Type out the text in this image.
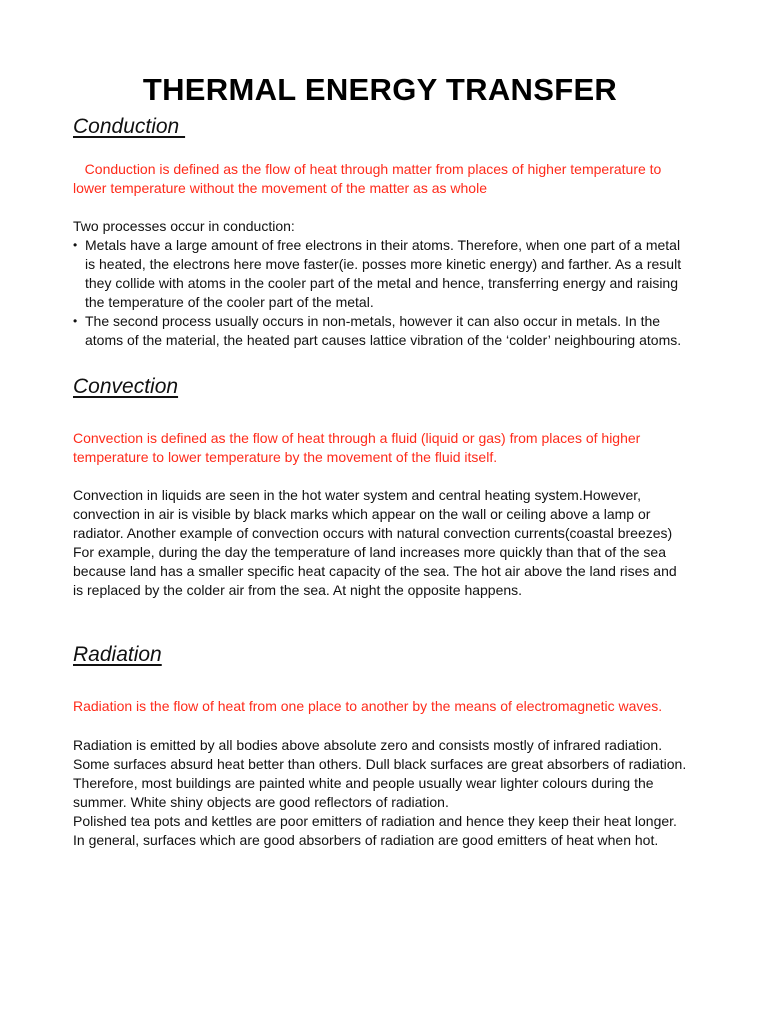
THERMAL ENERGY TRANSFER
Conduction

Conduction is defined as the flow of heat through matter from places of higher temperature to
lower temperature without the movement of the matter as as whole

Two processes occur in conduction:

• Metals have a large amount of free electrons in their atoms. Therefore, when one part of a metal
is heated, the electrons here move faster(ie. posses more kinetic energy) and farther. As a result
they collide with atoms in the cooler part of the metal and hence, transferring energy and raising
the temperature of the cooler part of the metal.
• The second process usually occurs in non-metals, however it can also occur in metals. In the
atoms of the material, the heated part causes lattice vibration of the ‘colder’ neighbouring atoms.
Convection

Convection is defined as the flow of heat through a fluid (liquid or gas) from places of higher
temperature to lower temperature by the movement of the fluid itself.

Convection in liquids are seen in the hot water system and central heating system.However,
convection in air is visible by black marks which appear on the wall or ceiling above a lamp or
radiator. Another example of convection occurs with natural convection currents(coastal breezes)
For example, during the day the temperature of land increases more quickly than that of the sea
because land has a smaller specific heat capacity of the sea. The hot air above the land rises and
is replaced by the colder air from the sea. At night the opposite happens.

Radiation

Radiation is the flow of heat from one place to another by the means of electromagnetic waves.

Radiation is emitted by all bodies above absolute zero and consists mostly of infrared radiation.
Some surfaces absurd heat better than others. Dull black surfaces are great absorbers of radiation.
Therefore, most buildings are painted white and people usually wear lighter colours during the
summer. White shiny objects are good reflectors of radiation.
Polished tea pots and kettles are poor emitters of radiation and hence they keep their heat longer.
In general, surfaces which are good absorbers of radiation are good emitters of heat when hot.
